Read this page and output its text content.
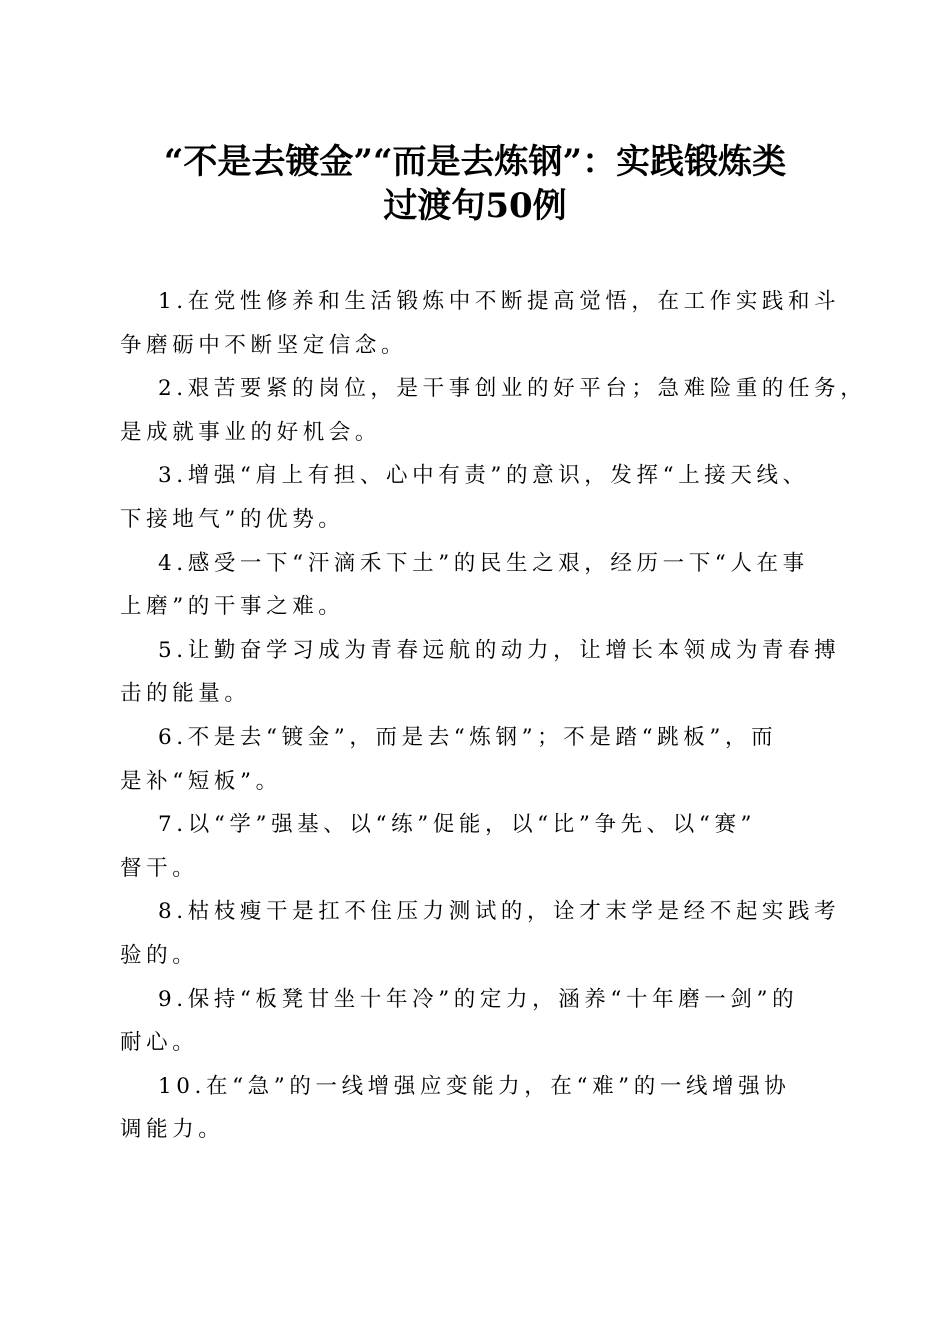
“不是去镀金”“而是去炼钢”：实践锻炼类
过渡句50例

1.在党性修养和生活锻炼中不断提高觉悟，在工作实践和斗
争磨砺中不断坚定信念。

2.艰苦要紧的岗位，是干事创业的好平台；急难险重的任务，
是成就事业的好机会。

3.增强“肩上有担、心中有责”的意识，发挥“上接天线、
下接地气”的优势。

4.感受一下“汗滴禾下土”的民生之艰，经历一下“人在事
上磨”的干事之难。

5.让勤奋学习成为青春远航的动力，让增长本领成为青春搏
击的能量。

6.不是去“镀金”，而是去“炼钢”；不是踏“跳板”，而
是补“短板”。

7.以“学”强基、以“练”促能，以“比”争先、以“赛”
督干。

8.枯枝瘦干是扛不住压力测试的，诠才末学是经不起实践考
验的。

9.保持“板凳甘坐十年冷”的定力，涵养“十年磨一剑”的
耐心。

10.在“急”的一线增强应变能力，在“难”的一线增强协
调能力。
